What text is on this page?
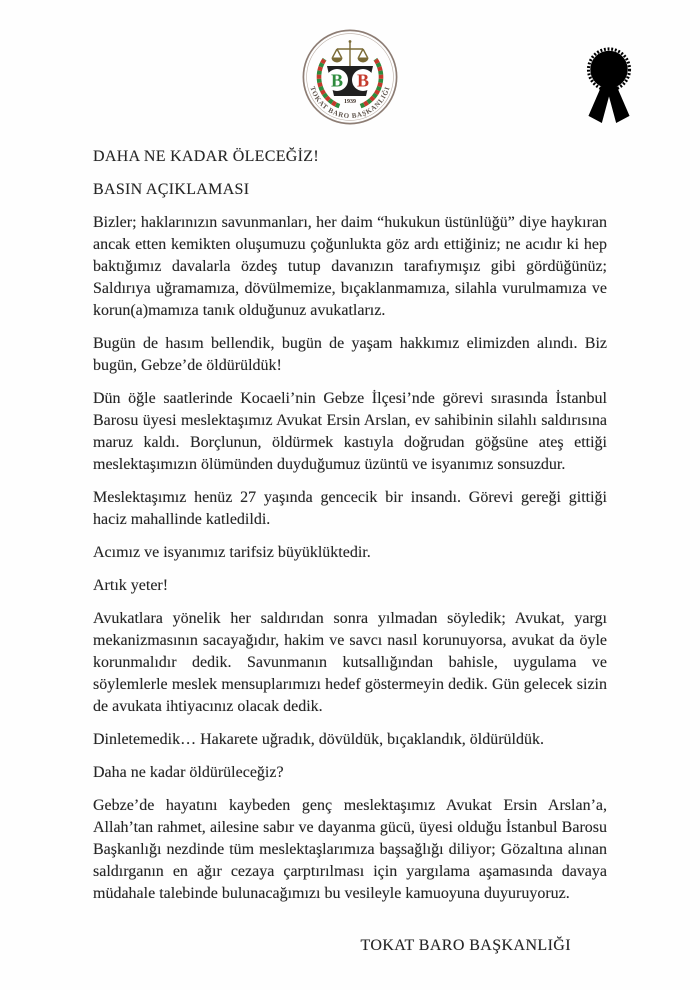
B B
1939
TOKAT BARO BAŞKANLIĞI

DAHA NE KADAR ÖLECEĞİZ!

BASIN AÇIKLAMASI

Bizler; haklarınızın savunmanları, her daim “hukukun üstünlüğü” diye haykıran ancak etten kemikten oluşumuzu çoğunlukta göz ardı ettiğiniz; ne acıdır ki hep baktığımız davalarla özdeş tutup davanızın tarafıymışız gibi gördüğünüz; Saldırıya uğramamıza, dövülmemize, bıçaklanmamıza, silahla vurulmamıza ve korun(a)mamıza tanık olduğunuz avukatlarız.

Bugün de hasım bellendik, bugün de yaşam hakkımız elimizden alındı. Biz bugün, Gebze’de öldürüldük!

Dün öğle saatlerinde Kocaeli’nin Gebze İlçesi’nde görevi sırasında İstanbul Barosu üyesi meslektaşımız Avukat Ersin Arslan, ev sahibinin silahlı saldırısına maruz kaldı. Borçlunun, öldürmek kastıyla doğrudan göğsüne ateş ettiği meslektaşımızın ölümünden duyduğumuz üzüntü ve isyanımız sonsuzdur.

Meslektaşımız henüz 27 yaşında gencecik bir insandı. Görevi gereği gittiği haciz mahallinde katledildi.

Acımız ve isyanımız tarifsiz büyüklüktedir.

Artık yeter!

Avukatlara yönelik her saldırıdan sonra yılmadan söyledik; Avukat, yargı mekanizmasının sacayağıdır, hakim ve savcı nasıl korunuyorsa, avukat da öyle korunmalıdır dedik. Savunmanın kutsallığından bahisle, uygulama ve söylemlerle meslek mensuplarımızı hedef göstermeyin dedik. Gün gelecek sizin de avukata ihtiyacınız olacak dedik.

Dinletemedik… Hakarete uğradık, dövüldük, bıçaklandık, öldürüldük.

Daha ne kadar öldürüleceğiz?

Gebze’de hayatını kaybeden genç meslektaşımız Avukat Ersin Arslan’a, Allah’tan rahmet, ailesine sabır ve dayanma gücü, üyesi olduğu İstanbul Barosu Başkanlığı nezdinde tüm meslektaşlarımıza başsağlığı diliyor; Gözaltına alınan saldırganın en ağır cezaya çarptırılması için yargılama aşamasında davaya müdahale talebinde bulunacağımızı bu vesileyle kamuoyuna duyuruyoruz.

TOKAT BARO BAŞKANLIĞI
